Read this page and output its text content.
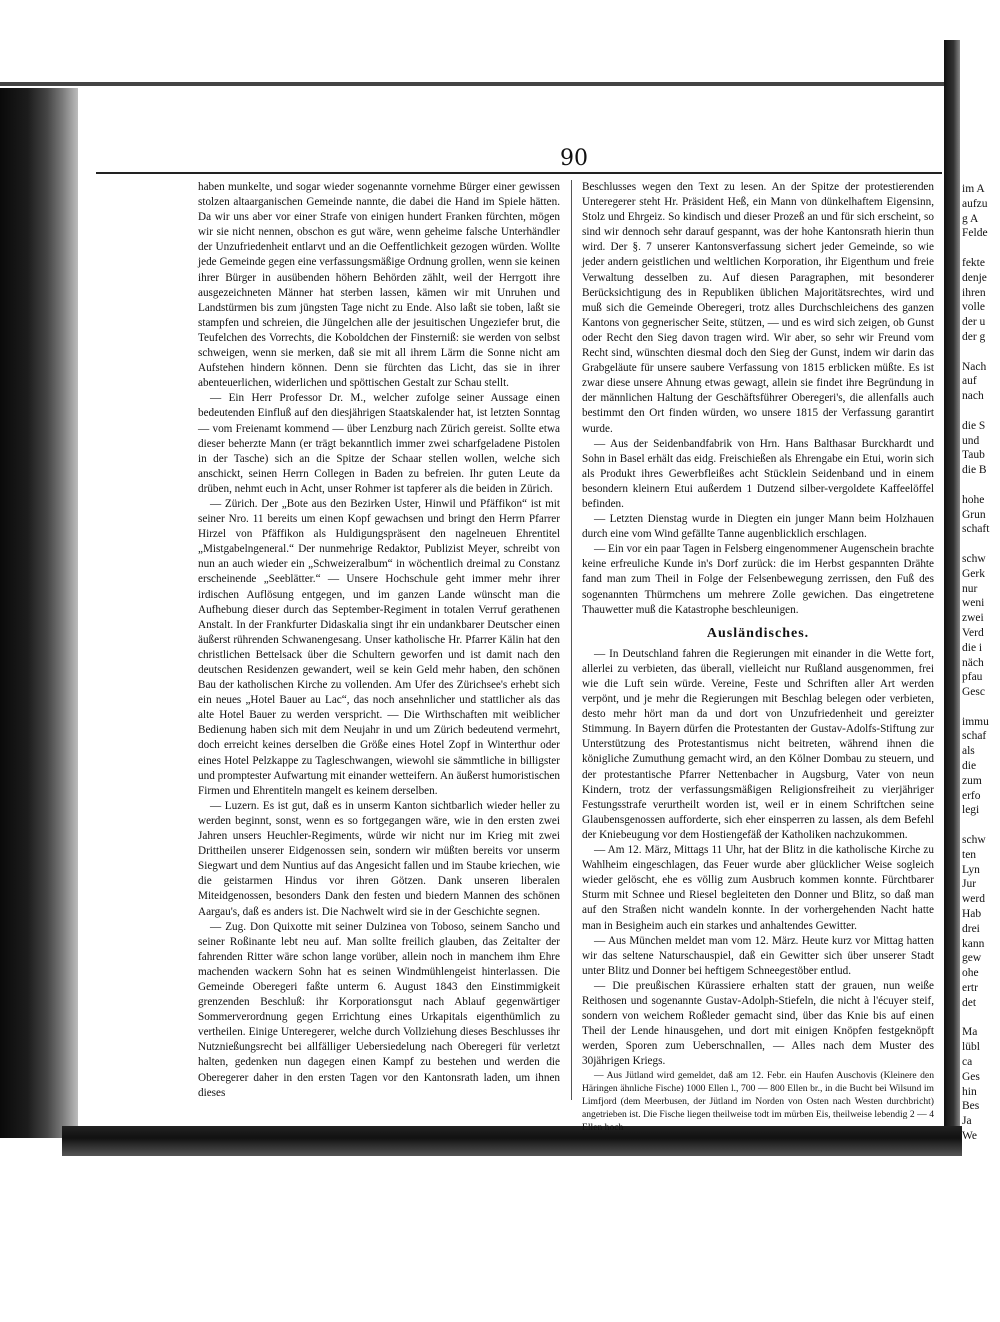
90

haben munkelte, und sogar wieder sogenannte vornehme Bürger einer gewissen stolzen altaarganischen Gemeinde nannte, die dabei die Hand im Spiele hätten. Da wir uns aber vor einer Strafe von einigen hundert Franken fürchten, mögen wir sie nicht nennen, obschon es gut wäre, wenn geheime falsche Unterhändler der Unzufriedenheit entlarvt und an die Oeffentlichkeit gezogen würden. Wollte jede Gemeinde gegen eine verfassungsmäßige Ordnung grollen, wenn sie keinen ihrer Bürger in ausübenden höhern Behörden zählt, weil der Herrgott ihre ausgezeichneten Männer hat sterben lassen, kämen wir mit Unruhen und Landstürmen bis zum jüngsten Tage nicht zu Ende. Also laßt sie toben, laßt sie stampfen und schreien, die Jüngelchen alle der jesuitischen Ungeziefer brut, die Teufelchen des Vorrechts, die Koboldchen der Finsterniß: sie werden von selbst schweigen, wenn sie merken, daß sie mit all ihrem Lärm die Sonne nicht am Aufstehen hindern können. Denn sie fürchten das Licht, das sie in ihrer abenteuerlichen, widerlichen und spöttischen Gestalt zur Schau stellt.

— Ein Herr Professor Dr. M., welcher zufolge seiner Aussage einen bedeutenden Einfluß auf den diesjährigen Staatskalender hat, ist letzten Sonntag — vom Freienamt kommend — über Lenzburg nach Zürich gereist. Sollte etwa dieser beherzte Mann (er trägt bekanntlich immer zwei scharfgeladene Pistolen in der Tasche) sich an die Spitze der Schaar stellen wollen, welche sich anschickt, seinen Herrn Collegen in Baden zu befreien. Ihr guten Leute da drüben, nehmt euch in Acht, unser Rohmer ist tapferer als die beiden in Zürich.

— Zürich. Der „Bote aus den Bezirken Uster, Hinwil und Pfäffikon“ ist mit seiner Nro. 11 bereits um einen Kopf gewachsen und bringt den Herrn Pfarrer Hirzel von Pfäffikon als Huldigungspräsent den nagelneuen Ehrentitel „Mistgabelngeneral.“ Der nunmehrige Redaktor, Publizist Meyer, schreibt von nun an auch wieder ein „Schweizeralbum“ in wöchentlich dreimal zu Constanz erscheinende „Seeblätter.“ — Unsere Hochschule geht immer mehr ihrer irdischen Auflösung entgegen, und im ganzen Lande wünscht man die Aufhebung dieser durch das September-Regiment in totalen Verruf gerathenen Anstalt. In der Frankfurter Didaskalia singt ihr ein undankbarer Deutscher einen äußerst rührenden Schwanengesang. Unser katholische Hr. Pfarrer Kälin hat den christlichen Bettelsack über die Schultern geworfen und ist damit nach den deutschen Residenzen gewandert, weil se kein Geld mehr haben, den schönen Bau der katholischen Kirche zu vollenden. Am Ufer des Zürichsee's erhebt sich ein neues „Hotel Bauer au Lac“, das noch ansehnlicher und stattlicher als das alte Hotel Bauer zu werden verspricht. — Die Wirthschaften mit weiblicher Bedienung haben sich mit dem Neujahr in und um Zürich bedeutend vermehrt, doch erreicht keines derselben die Größe eines Hotel Zopf in Winterthur oder eines Hotel Pelzkappe zu Tagleschwangen, wiewohl sie sämmtliche in billigster und promptester Aufwartung mit einander wetteifern. An äußerst humoristischen Firmen und Ehrentiteln mangelt es keinem derselben.

— Luzern. Es ist gut, daß es in unserm Kanton sichtbarlich wieder heller zu werden beginnt, sonst, wenn es so fortgegangen wäre, wie in den ersten zwei Jahren unsers Heuchler-Regiments, würde wir nicht nur im Krieg mit zwei Drittheilen unserer Eidgenossen sein, sondern wir müßten bereits vor unserm Siegwart und dem Nuntius auf das Angesicht fallen und im Staube kriechen, wie die geistarmen Hindus vor ihren Götzen. Dank unseren liberalen Miteidgenossen, besonders Dank den festen und biedern Mannen des schönen Aargau's, daß es anders ist. Die Nachwelt wird sie in der Geschichte segnen.

— Zug. Don Quixotte mit seiner Dulzinea von Toboso, seinem Sancho und seiner Roßinante lebt neu auf. Man sollte freilich glauben, das Zeitalter der fahrenden Ritter wäre schon lange vorüber, allein noch in manchem ihm Ehre machenden wackern Sohn hat es seinen Windmühlengeist hinterlassen. Die Gemeinde Oberegeri faßte unterm 6. August 1843 den Einstimmigkeit grenzenden Beschluß: ihr Korporationsgut nach Ablauf gegenwärtiger Sommerverordnung gegen Errichtung eines Urkapitals eigenthümlich zu vertheilen. Einige Unteregerer, welche durch Vollziehung dieses Beschlusses ihr Nutznießungsrecht bei allfälliger Uebersiedelung nach Oberegeri für verletzt halten, gedenken nun dagegen einen Kampf zu bestehen und werden die Oberegerer daher in den ersten Tagen vor den Kantonsrath laden, um ihnen dieses

Beschlusses wegen den Text zu lesen. An der Spitze der protestierenden Unteregerer steht Hr. Präsident Heß, ein Mann von dünkelhaftem Eigensinn, Stolz und Ehrgeiz. So kindisch und dieser Prozeß an und für sich erscheint, so sind wir dennoch sehr darauf gespannt, was der hohe Kantonsrath hierin thun wird. Der §. 7 unserer Kantonsverfassung sichert jeder Gemeinde, so wie jeder andern geistlichen und weltlichen Korporation, ihr Eigenthum und freie Verwaltung desselben zu. Auf diesen Paragraphen, mit besonderer Berücksichtigung des in Republiken üblichen Majoritätsrechtes, wird und muß sich die Gemeinde Oberegeri, trotz alles Durchschleichens des ganzen Kantons von gegnerischer Seite, stützen, — und es wird sich zeigen, ob Gunst oder Recht den Sieg davon tragen wird. Wir aber, so sehr wir Freund vom Recht sind, wünschten diesmal doch den Sieg der Gunst, indem wir darin das Grabgeläute für unsere saubere Verfassung von 1815 erblicken müßte. Es ist zwar diese unsere Ahnung etwas gewagt, allein sie findet ihre Begründung in der männlichen Haltung der Geschäftsführer Oberegeri's, die allenfalls auch bestimmt den Ort finden würden, wo unsere 1815 der Verfassung garantirt wurde.

— Aus der Seidenbandfabrik von Hrn. Hans Balthasar Burckhardt und Sohn in Basel erhält das eidg. Freischießen als Ehrengabe ein Etui, worin sich als Produkt ihres Gewerbfleißes acht Stücklein Seidenband und in einem besondern kleinern Etui außerdem 1 Dutzend silber-vergoldete Kaffeelöffel befinden.

— Letzten Dienstag wurde in Diegten ein junger Mann beim Holzhauen durch eine vom Wind gefällte Tanne augenblicklich erschlagen.

— Ein vor ein paar Tagen in Felsberg eingenommener Augenschein brachte keine erfreuliche Kunde in's Dorf zurück: die im Herbst gespannten Drähte fand man zum Theil in Folge der Felsenbewegung zerrissen, den Fuß des sogenannten Thürmchens um mehrere Zolle gewichen. Das eingetretene Thauwetter muß die Katastrophe beschleunigen.

Ausländisches.

— In Deutschland fahren die Regierungen mit einander in die Wette fort, allerlei zu verbieten, das überall, vielleicht nur Rußland ausgenommen, frei wie die Luft sein würde. Vereine, Feste und Schriften aller Art werden verpönt, und je mehr die Regierungen mit Beschlag belegen oder verbieten, desto mehr hört man da und dort von Unzufriedenheit und gereizter Stimmung. In Bayern dürfen die Protestanten der Gustav-Adolfs-Stiftung zur Unterstützung des Protestantismus nicht beitreten, während ihnen die königliche Zumuthung gemacht wird, an den Kölner Dombau zu steuern, und der protestantische Pfarrer Nettenbacher in Augsburg, Vater von neun Kindern, trotz der verfassungsmäßigen Religionsfreiheit zu vierjähriger Festungsstrafe verurtheilt worden ist, weil er in einem Schriftchen seine Glaubensgenossen aufforderte, sich eher einsperren zu lassen, als dem Befehl der Kniebeugung vor dem Hostiengefäß der Katholiken nachzukommen.

— Am 12. März, Mittags 11 Uhr, hat der Blitz in die katholische Kirche zu Wahlheim eingeschlagen, das Feuer wurde aber glücklicher Weise sogleich wieder gelöscht, ehe es völlig zum Ausbruch kommen konnte. Fürchtbarer Sturm mit Schnee und Riesel begleiteten den Donner und Blitz, so daß man auf den Straßen nicht wandeln konnte. In der vorhergehenden Nacht hatte man in Besigheim auch ein starkes und anhaltendes Gewitter.

— Aus München meldet man vom 12. März. Heute kurz vor Mittag hatten wir das seltene Naturschauspiel, daß ein Gewitter sich über unserer Stadt unter Blitz und Donner bei heftigem Schneegestöber entlud.

— Die preußischen Kürassiere erhalten statt der grauen, nun weiße Reithosen und sogenannte Gustav-Adolph-Stiefeln, die nicht à l'écuyer steif, sondern von weichem Roßleder gemacht sind, über das Knie bis auf einen Theil der Lende hinausgehen, und dort mit einigen Knöpfen festgeknöpft werden, Sporen zum Ueberschnallen, — Alles nach dem Muster des 30jährigen Kriegs.

— Aus Jütland wird gemeldet, daß am 12. Febr. ein Haufen Auschovis (Kleinere den Häringen ähnliche Fische) 1000 Ellen l., 700 — 800 Ellen br., in die Bucht bei Wilsund im Limfjord (dem Meerbusen, der Jütland im Norden von Osten nach Westen durchbricht) angetrieben ist. Die Fische liegen theilweise todt im mürben Eis, theilweise lebendig 2 — 4 Ellen hoch

im A
aufzu
g A
Felde
fekte
denje
ihren
volle
der u
der g
Nach
auf
nach
die S
und
Taub
die B
hohe
Grun
schaft
schw
Gerk
nur
weni
zwei
Verd
die i
näch
pfau
Gesc
immu
schaf
als
die
zum
erfo
legi
schw
ten
Lyn
Jur
werd
Hab
drei
kann
gew
ohe
ertr
det
Ma
lübl
ca
Ges
hin
Bes
Ja
We
